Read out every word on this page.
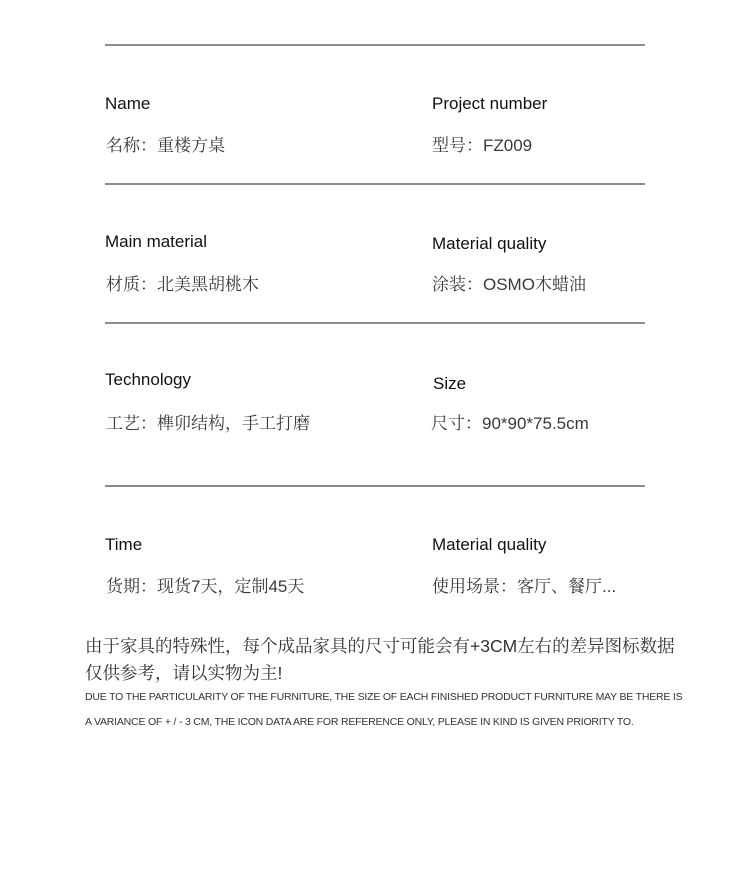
Name
名称：重楼方桌
Project number
型号：FZ009
Main material
材质：北美黑胡桃木
Material quality
涂装：OSMO木蜡油
Technology
工艺：榫卯结构，手工打磨
Size
尺寸：90*90*75.5cm
Time
货期：现货7天，定制45天
Material quality
使用场景：客厅、餐厅...
由于家具的特殊性，每个成品家具的尺寸可能会有+3CM左右的差异图标数据
仅供参考，请以实物为主!
DUE TO THE PARTICULARITY OF THE FURNITURE, THE SIZE OF EACH FINISHED PRODUCT FURNITURE MAY BE THERE IS
A VARIANCE OF + / - 3 CM, THE ICON DATA ARE FOR REFERENCE ONLY, PLEASE IN KIND IS GIVEN PRIORITY TO.
